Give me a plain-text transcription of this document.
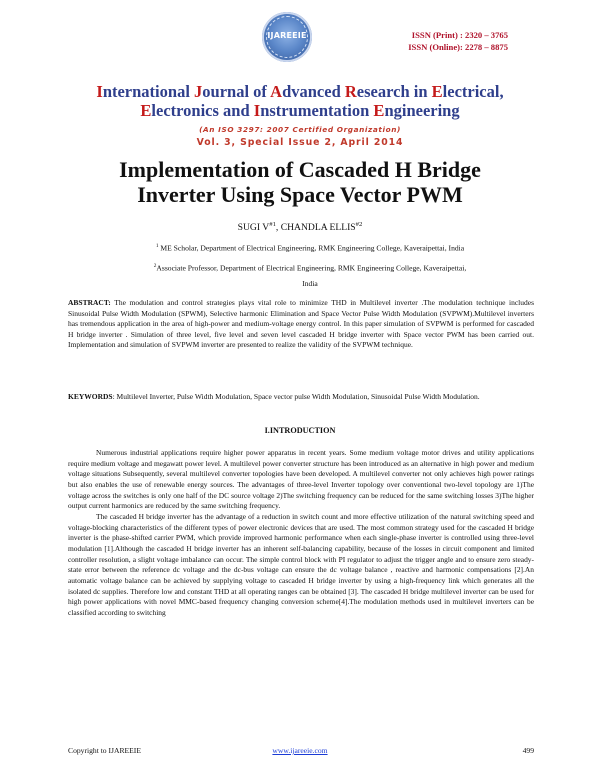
IJAREEIE	ISSN (Print) : 2320 – 3765
ISSN (Online): 2278 – 8875
International Journal of Advanced Research in Electrical,
Electronics and Instrumentation Engineering
(An ISO 3297: 2007 Certified Organization)
Vol. 3, Special Issue 2, April 2014
Implementation of Cascaded H Bridge
Inverter Using Space Vector PWM
SUGI $V^{\#1}$, CHANDLA ELLIS$^{\#2}$
$^1$ ME Scholar, Department of Electrical Engineering, RMK Engineering College, Kaveraipettai, India
$^2$Associate Professor, Department of Electrical Engineering, RMK Engineering College, Kaveraipettai,
India
ABSTRACT: The modulation and control strategies plays vital role to minimize THD in Multilevel inverter .The modulation technique includes Sinusoidal Pulse Width Modulation (SPWM), Selective harmonic Elimination and Space Vector Pulse Width Modulation (SVPWM).Multilevel inverters has tremendous application in the area of high-power and medium-voltage energy control. In this paper simulation of SVPWM is performed for cascaded H bridge inverter . Simulation of three level, five level and seven level cascaded H bridge inverter with Space vector PWM has been carried out. Implementation and simulation of SVPWM inverter are presented to realize the validity of the SVPWM technique.
KEYWORDS: Multilevel Inverter, Pulse Width Modulation, Space vector pulse Width Modulation, Sinusoidal Pulse Width Modulation.
I.INTRODUCTION

Numerous industrial applications require higher power apparatus in recent years. Some medium voltage motor drives and utility applications require medium voltage and megawatt power level. A multilevel power converter structure has been introduced as an alternative in high power and medium voltage situations Subsequently, several multilevel converter topologies have been developed. A multilevel converter not only achieves high power ratings but also enables the use of renewable energy sources. The advantages of three-level Inverter topology over conventional two-level topology are 1)The voltage across the switches is only one half of the DC source voltage 2)The switching frequency can be reduced for the same switching losses 3)The higher output current harmonics are reduced by the same switching frequency.

The cascaded H bridge inverter has the advantage of a reduction in switch count and more effective utilization of the natural switching speed and voltage-blocking characteristics of the different types of power electronic devices that are used. The most common strategy used for the cascaded H bridge inverter is the phase-shifted carrier PWM, which provide improved harmonic performance when each single-phase inverter is controlled using three-level modulation [1].Although the cascaded H bridge inverter has an inherent self-balancing capability, because of the losses in circuit component and limited controller resolution, a slight voltage imbalance can occur. The simple control block with PI regulator to adjust the trigger angle and to ensure zero steady-state error between the reference dc voltage and the dc-bus voltage can ensure the dc voltage balance , reactive and harmonic compensations [2].An automatic voltage balance can be achieved by supplying voltage to cascaded H bridge inverter by using a high-frequency link which generates all the isolated dc supplies. Therefore low and constant THD at all operating ranges can be obtained [3]. The cascaded H bridge multilevel inverter can be used for high power applications with novel MMC-based frequency changing conversion scheme[4].The modulation methods used in multilevel inverters can be classified according to switching

Copyright to IJAREEIE	www.ijareeie.com	499
